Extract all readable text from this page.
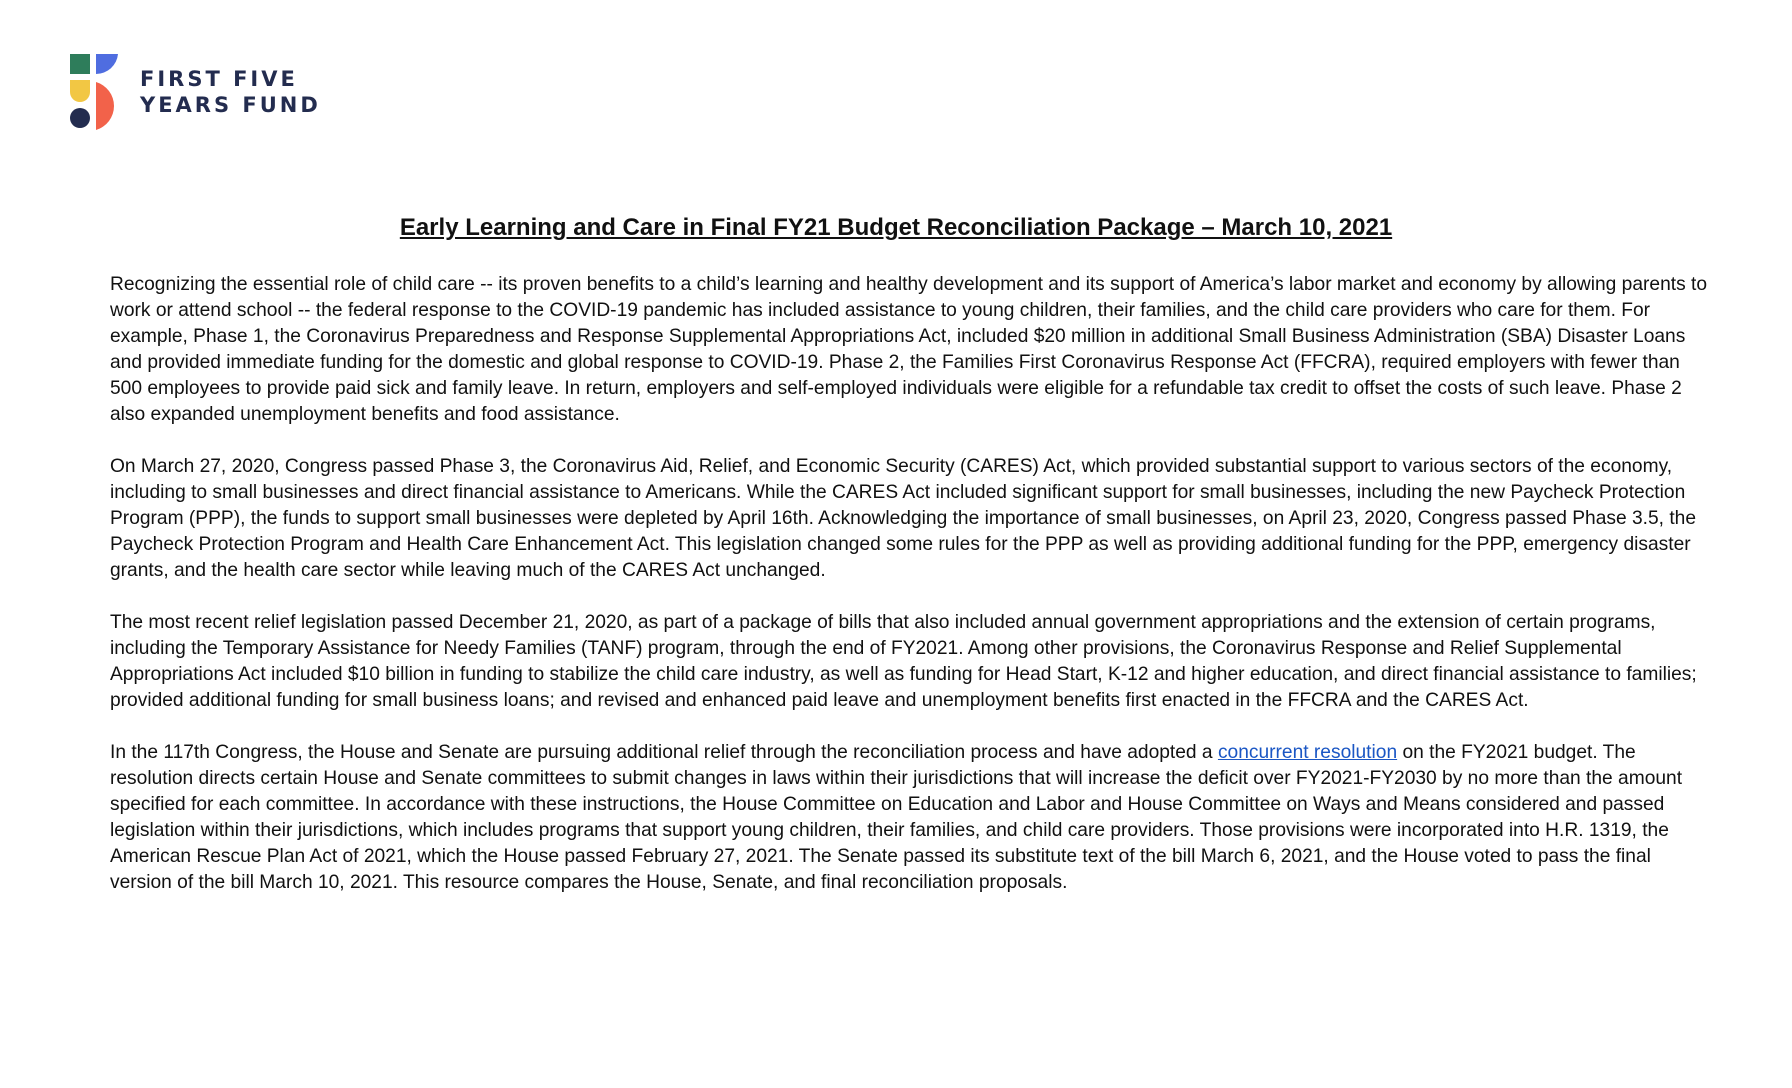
FIRST FIVE
YEARS FUND
Early Learning and Care in Final FY21 Budget Reconciliation Package – March 10, 2021

Recognizing the essential role of child care -- its proven benefits to a child’s learning and healthy development and its support of America’s labor market and economy by allowing parents to work or attend school -- the federal response to the COVID-19 pandemic has included assistance to young children, their families, and the child care providers who care for them. For example, Phase 1, the Coronavirus Preparedness and Response Supplemental Appropriations Act, included $20 million in additional Small Business Administration (SBA) Disaster Loans and provided immediate funding for the domestic and global response to COVID-19. Phase 2, the Families First Coronavirus Response Act (FFCRA), required employers with fewer than 500 employees to provide paid sick and family leave. In return, employers and self-employed individuals were eligible for a refundable tax credit to offset the costs of such leave. Phase 2 also expanded unemployment benefits and food assistance.

On March 27, 2020, Congress passed Phase 3, the Coronavirus Aid, Relief, and Economic Security (CARES) Act, which provided substantial support to various sectors of the economy, including to small businesses and direct financial assistance to Americans. While the CARES Act included significant support for small businesses, including the new Paycheck Protection Program (PPP), the funds to support small businesses were depleted by April 16th. Acknowledging the importance of small businesses, on April 23, 2020, Congress passed Phase 3.5, the Paycheck Protection Program and Health Care Enhancement Act. This legislation changed some rules for the PPP as well as providing additional funding for the PPP, emergency disaster grants, and the health care sector while leaving much of the CARES Act unchanged.

The most recent relief legislation passed December 21, 2020, as part of a package of bills that also included annual government appropriations and the extension of certain programs, including the Temporary Assistance for Needy Families (TANF) program, through the end of FY2021. Among other provisions, the Coronavirus Response and Relief Supplemental Appropriations Act included $10 billion in funding to stabilize the child care industry, as well as funding for Head Start, K-12 and higher education, and direct financial assistance to families; provided additional funding for small business loans; and revised and enhanced paid leave and unemployment benefits first enacted in the FFCRA and the CARES Act.

In the 117th Congress, the House and Senate are pursuing additional relief through the reconciliation process and have adopted a concurrent resolution on the FY2021 budget. The resolution directs certain House and Senate committees to submit changes in laws within their jurisdictions that will increase the deficit over FY2021-FY2030 by no more than the amount specified for each committee. In accordance with these instructions, the House Committee on Education and Labor and House Committee on Ways and Means considered and passed legislation within their jurisdictions, which includes programs that support young children, their families, and child care providers. Those provisions were incorporated into H.R. 1319, the American Rescue Plan Act of 2021, which the House passed February 27, 2021. The Senate passed its substitute text of the bill March 6, 2021, and the House voted to pass the final version of the bill March 10, 2021. This resource compares the House, Senate, and final reconciliation proposals.
